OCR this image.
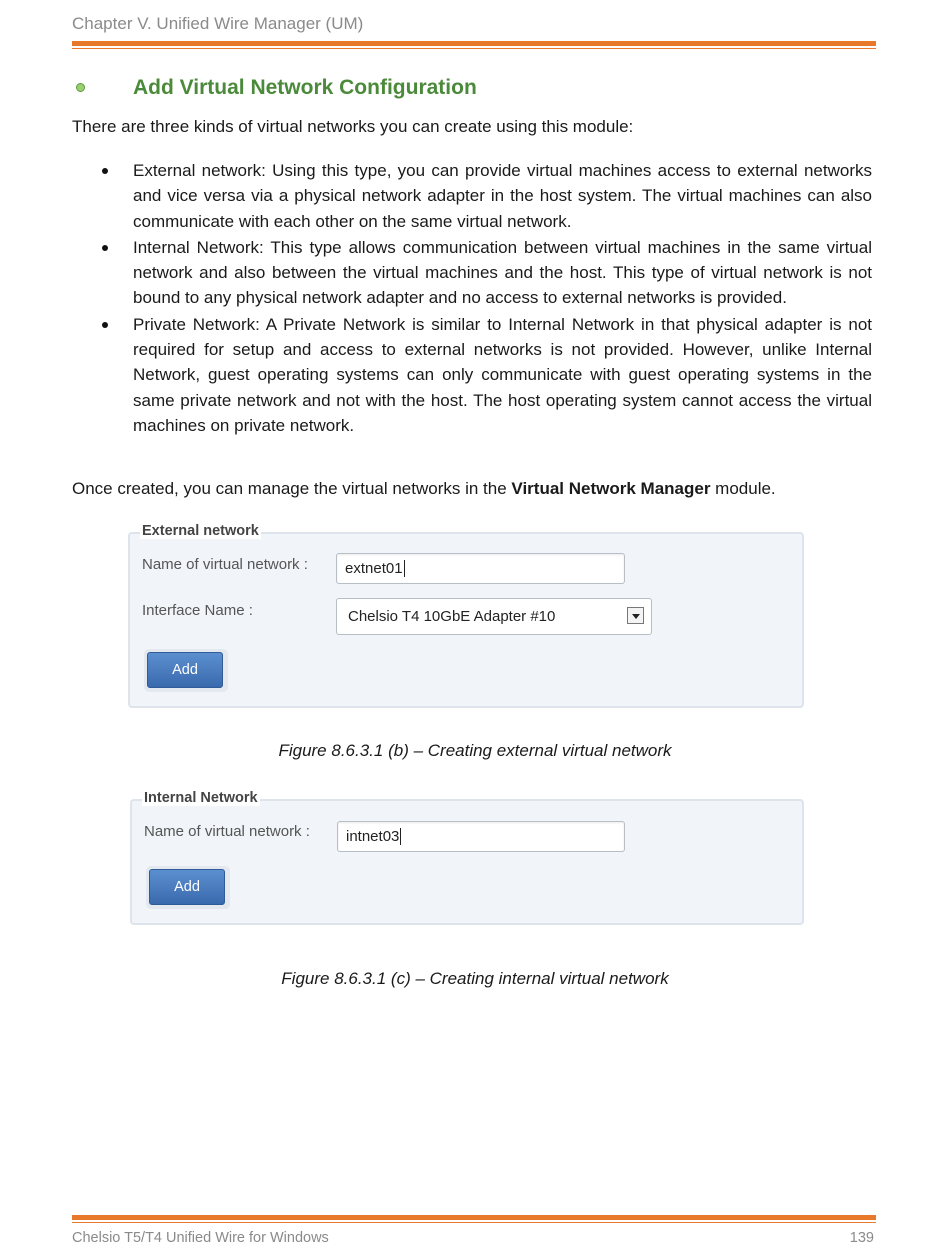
Chapter V. Unified Wire Manager (UM)
Add Virtual Network Configuration
There are three kinds of virtual networks you can create using this module:
External network: Using this type, you can provide virtual machines access to external networks and vice versa via a physical network adapter in the host system. The virtual machines can also communicate with each other on the same virtual network.
Internal Network: This type allows communication between virtual machines in the same virtual network and also between the virtual machines and the host. This type of virtual network is not bound to any physical network adapter and no access to external networks is provided.
Private Network: A Private Network is similar to Internal Network in that physical adapter is not required for setup and access to external networks is not provided. However, unlike Internal Network, guest operating systems can only communicate with guest operating systems in the same private network and not with the host. The host operating system cannot access the virtual machines on private network.
Once created, you can manage the virtual networks in the Virtual Network Manager module.
External network
Name of virtual network : extnet01
Interface Name :	Chelsio T4 10GbE Adapter #10
Add
Figure 8.6.3.1 (b) – Creating external virtual network
Internal Network
Name of virtual network : intnet03
Add
Figure 8.6.3.1 (c) – Creating internal virtual network
Chelsio T5/T4 Unified Wire for Windows	139
